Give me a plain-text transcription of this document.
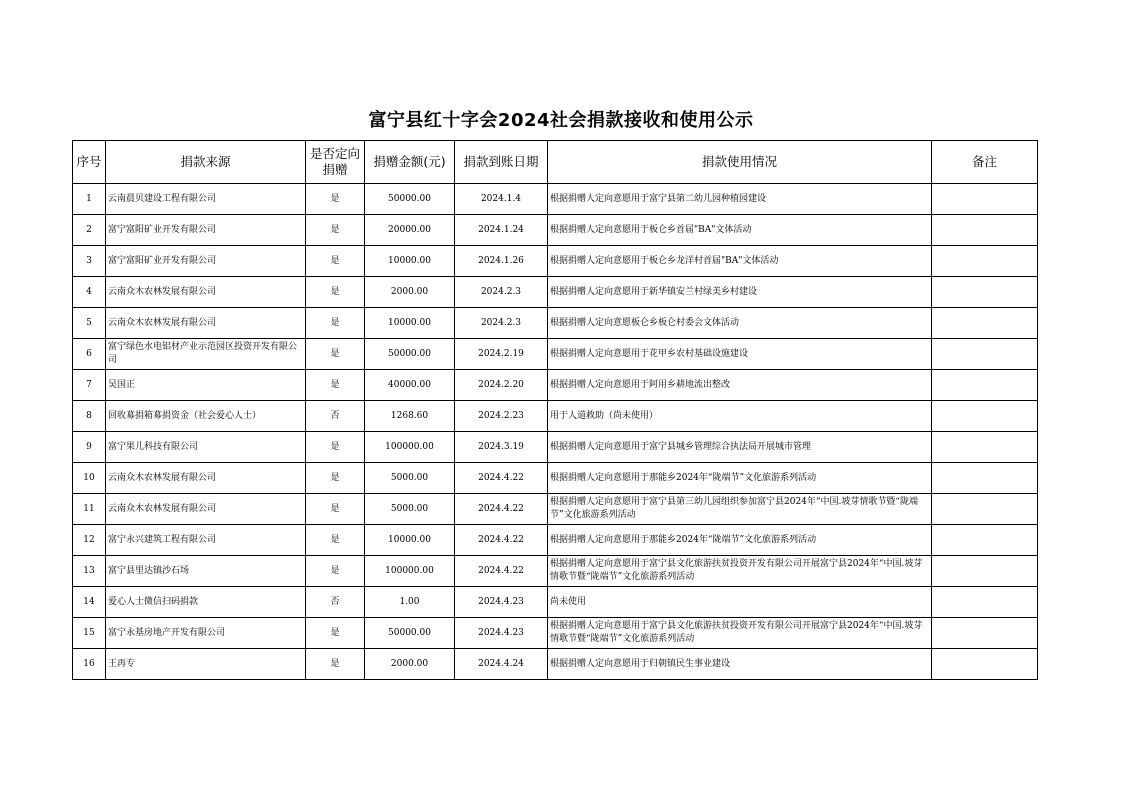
富宁县红十字会2024社会捐款接收和使用公示
序号	捐款来源	是否定向捐赠	捐赠金额(元)	捐款到账日期	捐款使用情况	备注
1	云南晨贝建设工程有限公司	是	50000.00	2024.1.4	根据捐赠人定向意愿用于富宁县第二幼儿园种植园建设	
2	富宁富阳矿业开发有限公司	是	20000.00	2024.1.24	根据捐赠人定向意愿用于板仑乡首届"BA"文体活动	
3	富宁富阳矿业开发有限公司	是	10000.00	2024.1.26	根据捐赠人定向意愿用于板仑乡龙洋村首届"BA"文体活动	
4	云南众木农林发展有限公司	是	2000.00	2024.2.3	根据捐赠人定向意愿用于新华镇安兰村绿美乡村建设	
5	云南众木农林发展有限公司	是	10000.00	2024.2.3	根据捐赠人定向意愿板仑乡板仑村委会文体活动	
6	富宁绿色水电铝材产业示范园区投资开发有限公司	是	50000.00	2024.2.19	根据捐赠人定向意愿用于花甲乡农村基础设施建设	
7	吴国正	是	40000.00	2024.2.20	根据捐赠人定向意愿用于阿用乡耕地流出整改	
8	回收募捐箱募捐资金（社会爱心人士）	否	1268.60	2024.2.23	用于人道救助（尚未使用）	
9	富宁果儿科技有限公司	是	100000.00	2024.3.19	根据捐赠人定向意愿用于富宁县城乡管理综合执法局开展城市管理	
10	云南众木农林发展有限公司	是	5000.00	2024.4.22	根据捐赠人定向意愿用于那能乡2024年“陇端节”文化旅游系列活动	
11	云南众木农林发展有限公司	是	5000.00	2024.4.22	根据捐赠人定向意愿用于富宁县第三幼儿园组织参加富宁县2024年“中国.坡芽情歌节暨“陇端节”文化旅游系列活动	
12	富宁永兴建筑工程有限公司	是	10000.00	2024.4.22	根据捐赠人定向意愿用于那能乡2024年“陇端节”文化旅游系列活动	
13	富宁县里达镇沙石场	是	100000.00	2024.4.22	根据捐赠人定向意愿用于富宁县文化旅游扶贫投资开发有限公司开展富宁县2024年“中国.坡芽情歌节暨“陇端节”文化旅游系列活动	
14	爱心人士微信扫码捐款	否	1.00	2024.4.23	尚未使用	
15	富宁永基房地产开发有限公司	是	50000.00	2024.4.23	根据捐赠人定向意愿用于富宁县文化旅游扶贫投资开发有限公司开展富宁县2024年“中国.坡芽情歌节暨“陇端节”文化旅游系列活动	
16	王再专	是	2000.00	2024.4.24	根据捐赠人定向意愿用于归朝镇民生事业建设	
